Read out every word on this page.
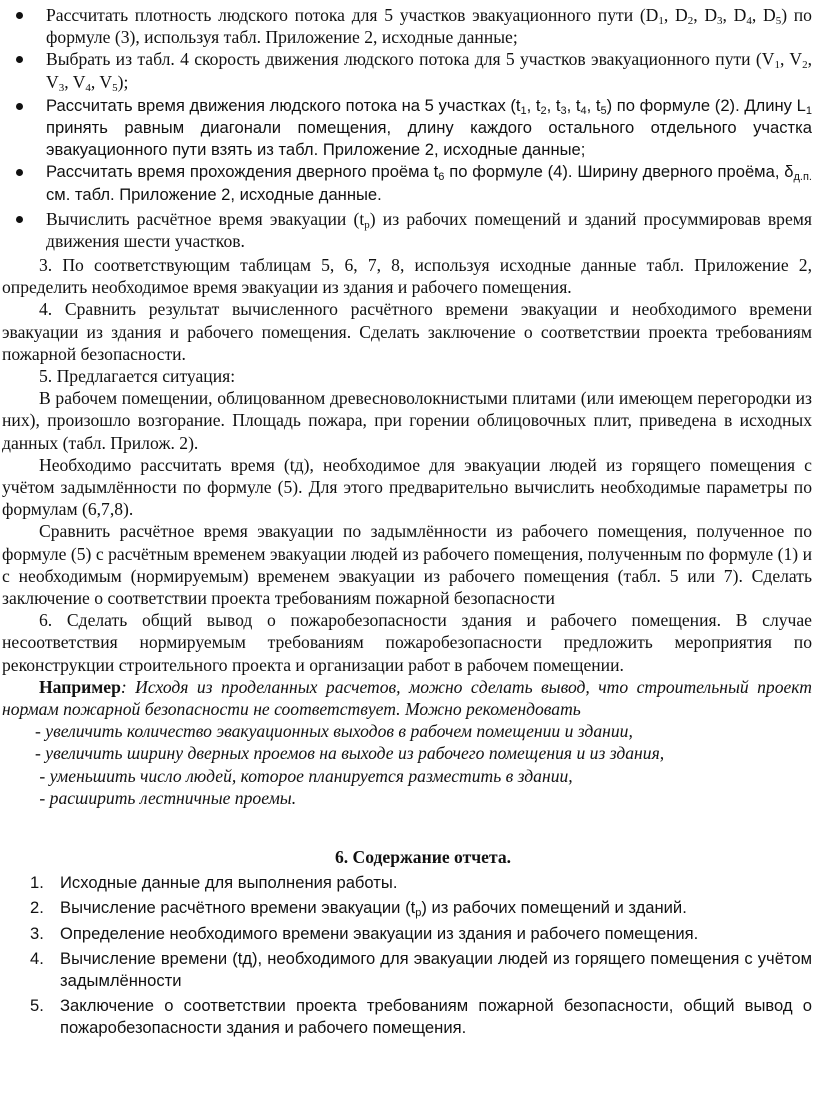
Рассчитать плотность людского потока для 5 участков эвакуационного пути ($D_1$, $D_2$, $D_3$, $D_4$, $D_5$) по формуле (3), используя табл. Приложение 2, исходные данные;
Выбрать из табл. 4 скорость движения людского потока для 5 участков эвакуационного пути ($V_1$, $V_2$, $V_3$, $V_4$, $V_5$);
Рассчитать время движения людского потока на 5 участках ($t_1$, $t_2$, $t_3$, $t_4$, $t_5$) по формуле (2). Длину $L_1$ принять равным диагонали помещения, длину каждого остального отдельного участка эвакуационного пути взять из табл. Приложение 2, исходные данные;
Рассчитать время прохождения дверного проёма $t_6$ по формуле (4). Ширину дверного проёма, $\delta_{д.п.}$ см. табл. Приложение 2, исходные данные.
Вычислить расчётное время эвакуации $(t_р)$ из рабочих помещений и зданий просуммировав время движения шести участков.

3. По соответствующим таблицам 5, 6, 7, 8, используя исходные данные табл. Приложение 2, определить необходимое время эвакуации из здания и рабочего помещения.

4. Сравнить результат вычисленного расчётного времени эвакуации и необходимого времени эвакуации из здания и рабочего помещения. Сделать заключение о соответствии проекта требованиям пожарной безопасности.

5. Предлагается ситуация:

В рабочем помещении, облицованном древесноволокнистыми плитами (или имеющем перегородки из них), произошло возгорание. Площадь пожара, при горении облицовочных плит, приведена в исходных данных (табл. Прилож. 2).

Необходимо рассчитать время (tд), необходимое для эвакуации людей из горящего помещения с учётом задымлённости по формуле (5). Для этого предварительно вычислить необходимые параметры по формулам (6,7,8).

Сравнить расчётное время эвакуации по задымлённости из рабочего помещения, полученное по формуле (5) с расчётным временем эвакуации людей из рабочего помещения, полученным по формуле (1) и с необходимым (нормируемым) временем эвакуации из рабочего помещения (табл. 5 или 7). Сделать заключение о соответствии проекта требованиям пожарной безопасности

6. Сделать общий вывод о пожаробезопасности здания и рабочего помещения. В случае несоответствия нормируемым требованиям пожаробезопасности предложить мероприятия по реконструкции строительного проекта и организации работ в рабочем помещении.

Например: Исходя из проделанных расчетов, можно сделать вывод, что строительный проект нормам пожарной безопасности не соответствует. Можно рекомендовать

- увеличить количество эвакуационных выходов в рабочем помещении и здании,

- увеличить ширину дверных проемов на выходе из рабочего помещения и из здания,

- уменьшить число людей, которое планируется разместить в здании,

- расширить лестничные проемы.

6. Содержание отчета.

1. Исходные данные для выполнения работы.
2. Вычисление расчётного времени эвакуации $(t_р)$ из рабочих помещений и зданий.
3. Определение необходимого времени эвакуации из здания и рабочего помещения.
4. Вычисление времени (tд), необходимого для эвакуации людей из горящего помещения с учётом задымлённости
5. Заключение о соответствии проекта требованиям пожарной безопасности, общий вывод о пожаробезопасности здания и рабочего помещения.
